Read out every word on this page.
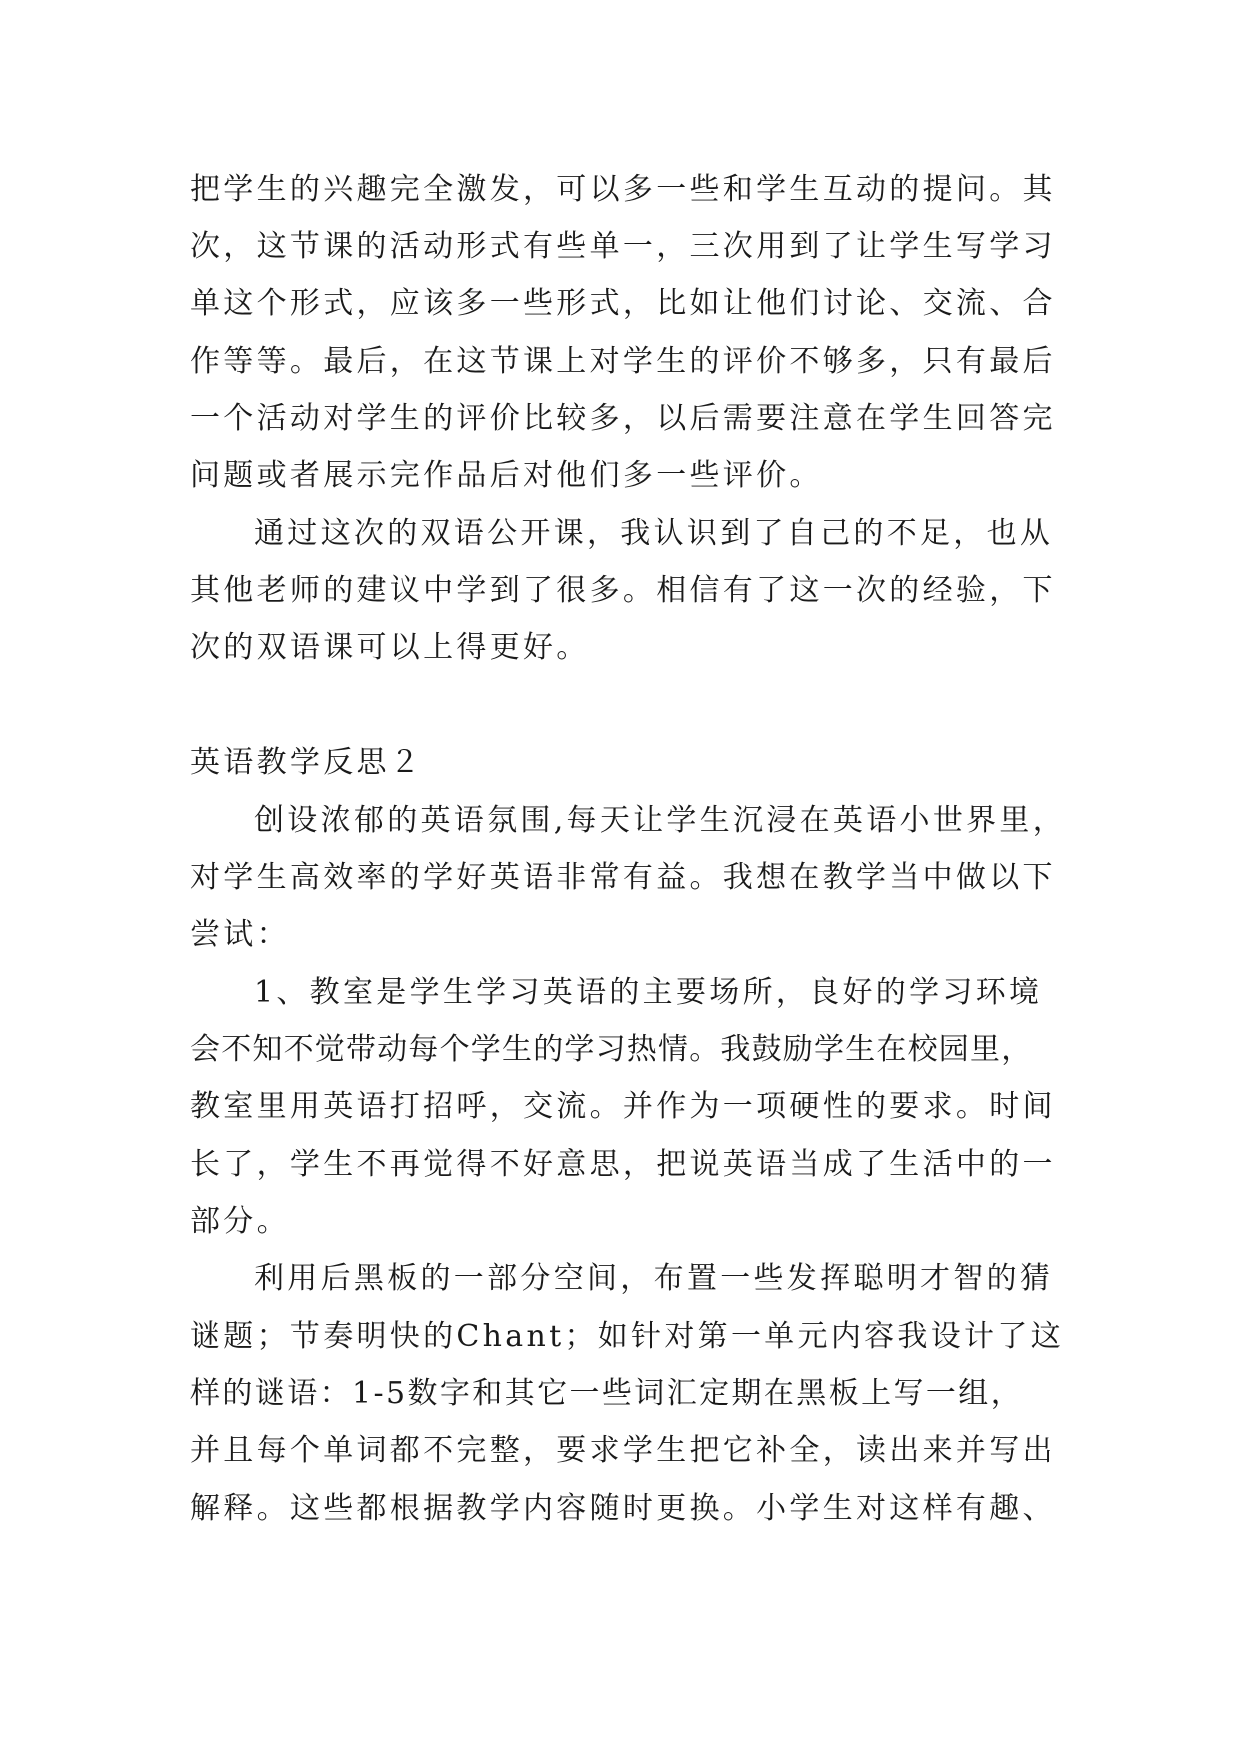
把学生的兴趣完全激发，可以多一些和学生互动的提问。其
次，这节课的活动形式有些单一，三次用到了让学生写学习
单这个形式，应该多一些形式，比如让他们讨论、交流、合
作等等。最后，在这节课上对学生的评价不够多，只有最后
一个活动对学生的评价比较多，以后需要注意在学生回答完
问题或者展示完作品后对他们多一些评价。
通过这次的双语公开课，我认识到了自己的不足，也从
其他老师的建议中学到了很多。相信有了这一次的经验，下
次的双语课可以上得更好。
英语教学反思２
创设浓郁的英语氛围,每天让学生沉浸在英语小世界里，
对学生高效率的学好英语非常有益。我想在教学当中做以下
尝试：
1、教室是学生学习英语的主要场所，良好的学习环境
会不知不觉带动每个学生的学习热情。我鼓励学生在校园里，
教室里用英语打招呼，交流。并作为一项硬性的要求。时间
长了，学生不再觉得不好意思，把说英语当成了生活中的一
部分。
利用后黑板的一部分空间，布置一些发挥聪明才智的猜
谜题；节奏明快的Chant；如针对第一单元内容我设计了这
样的谜语：1-5数字和其它一些词汇定期在黑板上写一组，
并且每个单词都不完整，要求学生把它补全，读出来并写出
解释。这些都根据教学内容随时更换。小学生对这样有趣、
